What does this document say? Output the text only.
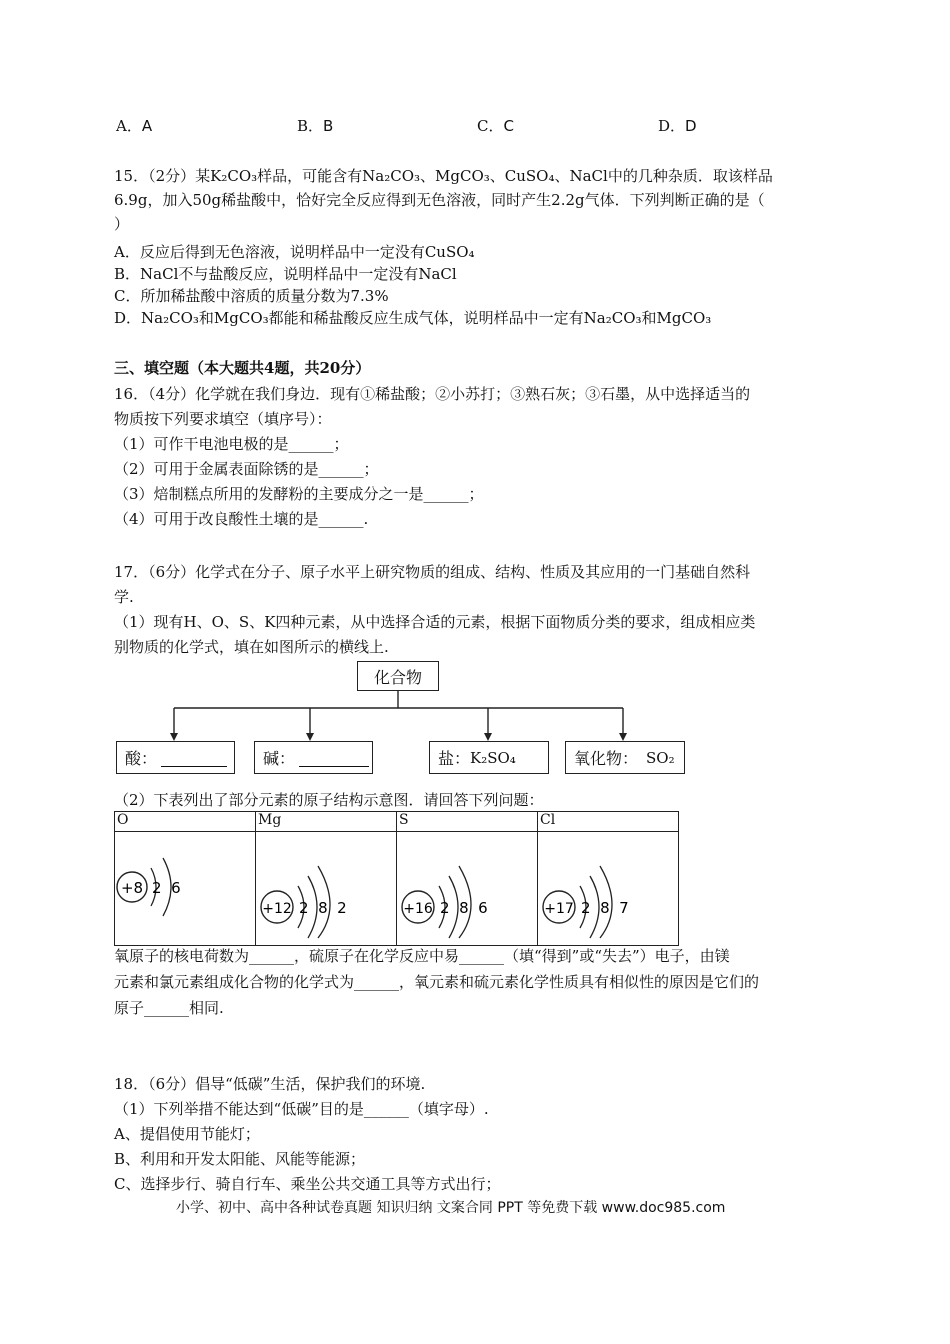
A．A	B．B	C．C	D．D
15．（2分）某K₂CO₃样品，可能含有Na₂CO₃、MgCO₃、CuSO₄、NaCl中的几种杂质．取该样品
6.9g，加入50g稀盐酸中，恰好完全反应得到无色溶液，同时产生2.2g气体．下列判断正确的是（
）
A．反应后得到无色溶液，说明样品中一定没有CuSO₄
B．NaCl不与盐酸反应，说明样品中一定没有NaCl
C．所加稀盐酸中溶质的质量分数为7.3%
D．Na₂CO₃和MgCO₃都能和稀盐酸反应生成气体，说明样品中一定有Na₂CO₃和MgCO₃
三、填空题（本大题共4题，共20分）
16．（4分）化学就在我们身边．现有①稀盐酸；②小苏打；③熟石灰；③石墨，从中选择适当的
物质按下列要求填空（填序号）：
（1）可作干电池电极的是______；
（2）可用于金属表面除锈的是______；
（3）焙制糕点所用的发酵粉的主要成分之一是______；
（4）可用于改良酸性土壤的是______.
17．（6分）化学式在分子、原子水平上研究物质的组成、结构、性质及其应用的一门基础自然科
学.
（1）现有H、O、S、K四种元素，从中选择合适的元素，根据下面物质分类的要求，组成相应类
别物质的化学式，填在如图所示的横线上.
化合物
酸：	碱：	盐： K₂SO₄	氧化物： SO₂
（2）下表列出了部分元素的原子结构示意图．请回答下列问题：
O	Mg	S	Cl

+8 2  6	+12 2  8  2	+16 2  8  6	+17 2  8  7
氧原子的核电荷数为______，硫原子在化学反应中易______（填“得到”或“失去”）电子，由镁
元素和氯元素组成化合物的化学式为______，氧元素和硫元素化学性质具有相似性的原因是它们的
原子______相同.
18．（6分）倡导“低碳”生活，保护我们的环境.
（1）下列举措不能达到“低碳”目的是______（填字母）.
A、提倡使用节能灯；
B、利用和开发太阳能、风能等能源；
C、选择步行、骑自行车、乘坐公共交通工具等方式出行；
小学、初中、高中各种试卷真题 知识归纳 文案合同 PPT 等免费下载 www.doc985.com
